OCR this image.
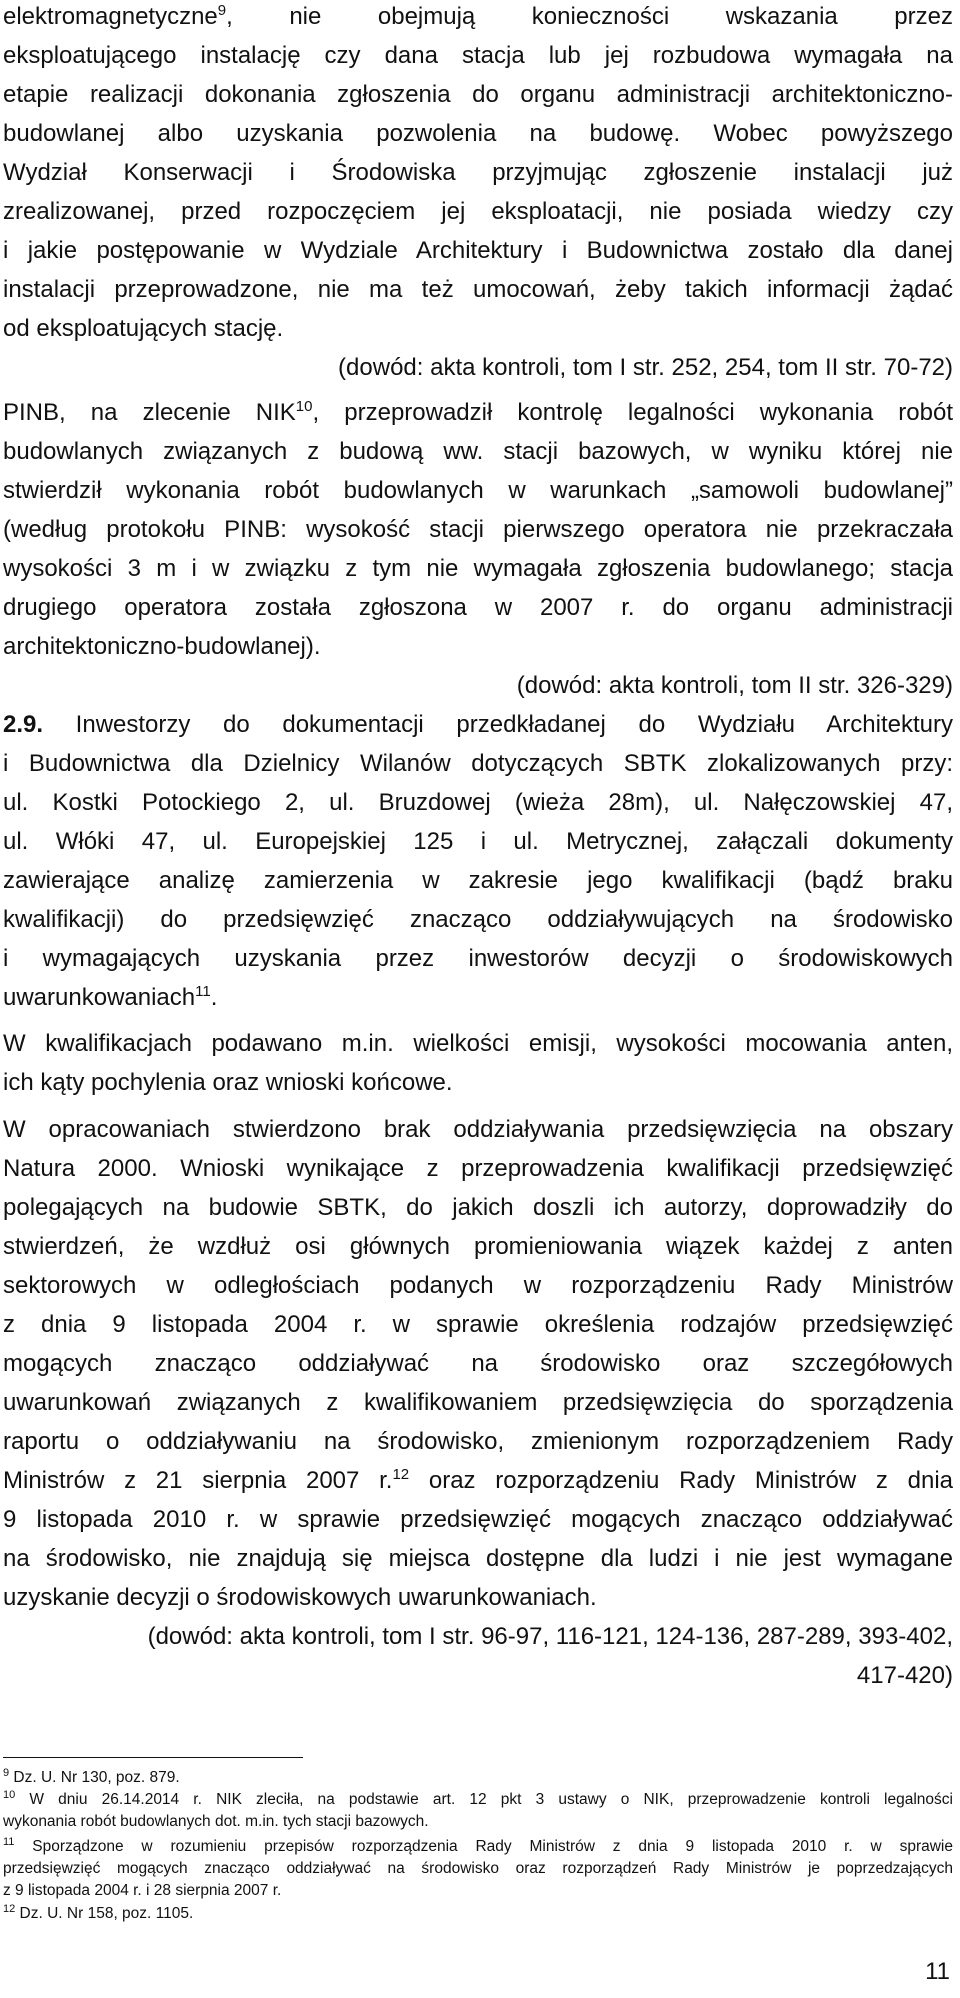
11
elektromagnetyczne$^9$, nie obejmują konieczności wskazania przez
eksploatującego instalację czy dana stacja lub jej rozbudowa wymagała na
etapie realizacji dokonania zgłoszenia do organu administracji architektoniczno-
budowlanej albo uzyskania pozwolenia na budowę. Wobec powyższego
Wydział Konserwacji i Środowiska przyjmując zgłoszenie instalacji już
zrealizowanej, przed rozpoczęciem jej eksploatacji, nie posiada wiedzy czy
i jakie postępowanie w Wydziale Architektury i Budownictwa zostało dla danej
instalacji przeprowadzone, nie ma też umocowań, żeby takich informacji żądać
od eksploatujących stację.
(dowód: akta kontroli, tom I str. 252, 254, tom II str. 70-72)
PINB, na zlecenie NIK$^{10}$, przeprowadził kontrolę legalności wykonania robót
budowlanych związanych z budową ww. stacji bazowych, w wyniku której nie
stwierdził wykonania robót budowlanych w warunkach „samowoli budowlanej”
(według protokołu PINB: wysokość stacji pierwszego operatora nie przekraczała
wysokości 3 m i w związku z tym nie wymagała zgłoszenia budowlanego; stacja
drugiego operatora została zgłoszona w 2007 r. do organu administracji
architektoniczno-budowlanej).
(dowód: akta kontroli, tom II str. 326-329)
2.9. Inwestorzy do dokumentacji przedkładanej do Wydziału Architektury
i Budownictwa dla Dzielnicy Wilanów dotyczących SBTK zlokalizowanych przy:
ul. Kostki Potockiego 2, ul. Bruzdowej (wieża 28m), ul. Nałęczowskiej 47,
ul. Włóki 47, ul. Europejskiej 125 i ul. Metrycznej, załączali dokumenty
zawierające analizę zamierzenia w zakresie jego kwalifikacji (bądź braku
kwalifikacji) do przedsięwzięć znacząco oddziaływujących na środowisko
i wymagających uzyskania przez inwestorów decyzji o środowiskowych
uwarunkowaniach$^{11}$.
W kwalifikacjach podawano m.in. wielkości emisji, wysokości mocowania anten,
ich kąty pochylenia oraz wnioski końcowe.
W opracowaniach stwierdzono brak oddziaływania przedsięwzięcia na obszary
Natura 2000. Wnioski wynikające z przeprowadzenia kwalifikacji przedsięwzięć
polegających na budowie SBTK, do jakich doszli ich autorzy, doprowadziły do
stwierdzeń, że wzdłuż osi głównych promieniowania wiązek każdej z anten
sektorowych w odległościach podanych w rozporządzeniu Rady Ministrów
z dnia 9 listopada 2004 r. w sprawie określenia rodzajów przedsięwzięć
mogących znacząco oddziaływać na środowisko oraz szczegółowych
uwarunkowań związanych z kwalifikowaniem przedsięwzięcia do sporządzenia
raportu o oddziaływaniu na środowisko, zmienionym rozporządzeniem Rady
Ministrów z 21 sierpnia 2007 r.$^{12}$ oraz rozporządzeniu Rady Ministrów z dnia
9 listopada 2010 r. w sprawie przedsięwzięć mogących znacząco oddziaływać
na środowisko, nie znajdują się miejsca dostępne dla ludzi i nie jest wymagane
uzyskanie decyzji o środowiskowych uwarunkowaniach.
(dowód: akta kontroli, tom I str. 96-97, 116-121, 124-136, 287-289, 393-402,
417-420)
$^9$ Dz. U. Nr 130, poz. 879.
$^{10}$ W dniu 26.14.2014 r. NIK zleciła, na podstawie art. 12 pkt 3 ustawy o NIK, przeprowadzenie kontroli legalności
wykonania robót budowlanych dot. m.in. tych stacji bazowych.
$^{11}$ Sporządzone w rozumieniu przepisów rozporządzenia Rady Ministrów z dnia 9 listopada 2010 r. w sprawie
przedsięwzięć mogących znacząco oddziaływać na środowisko oraz rozporządzeń Rady Ministrów je poprzedzających
z 9 listopada 2004 r. i 28 sierpnia 2007 r.
$^{12}$ Dz. U. Nr 158, poz. 1105.
